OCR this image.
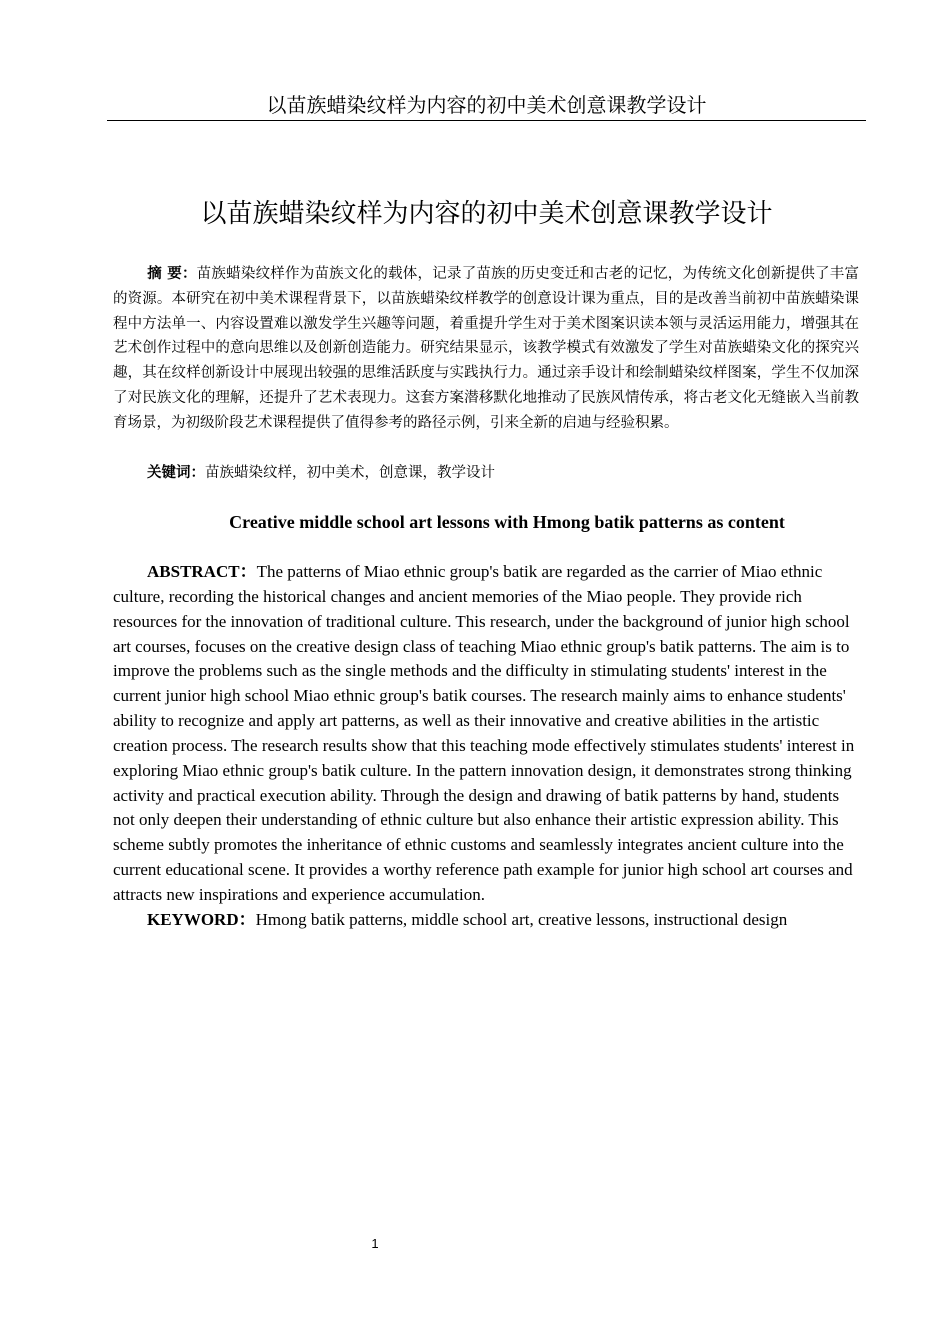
以苗族蜡染纹样为内容的初中美术创意课教学设计
以苗族蜡染纹样为内容的初中美术创意课教学设计

摘 要：苗族蜡染纹样作为苗族文化的载体，记录了苗族的历史变迁和古老的记忆，为传统文化创新提供了丰富的资源。本研究在初中美术课程背景下，以苗族蜡染纹样教学的创意设计课为重点，目的是改善当前初中苗族蜡染课程中方法单一、内容设置难以激发学生兴趣等问题，着重提升学生对于美术图案识读本领与灵活运用能力，增强其在艺术创作过程中的意向思维以及创新创造能力。研究结果显示，该教学模式有效激发了学生对苗族蜡染文化的探究兴趣，其在纹样创新设计中展现出较强的思维活跃度与实践执行力。通过亲手设计和绘制蜡染纹样图案，学生不仅加深了对民族文化的理解，还提升了艺术表现力。这套方案潜移默化地推动了民族风情传承，将古老文化无缝嵌入当前教育场景，为初级阶段艺术课程提供了值得参考的路径示例，引来全新的启迪与经验积累。

关键词：苗族蜡染纹样，初中美术，创意课，教学设计

Creative middle school art lessons with Hmong batik patterns as content

ABSTRACT：The patterns of Miao ethnic group's batik are regarded as the carrier of Miao ethnic culture, recording the historical changes and ancient memories of the Miao people. They provide rich resources for the innovation of traditional culture. This research, under the background of junior high school art courses, focuses on the creative design class of teaching Miao ethnic group's batik patterns. The aim is to improve the problems such as the single methods and the difficulty in stimulating students' interest in the current junior high school Miao ethnic group's batik courses. The research mainly aims to enhance students' ability to recognize and apply art patterns, as well as their innovative and creative abilities in the artistic creation process. The research results show that this teaching mode effectively stimulates students' interest in exploring Miao ethnic group's batik culture. In the pattern innovation design, it demonstrates strong thinking activity and practical execution ability. Through the design and drawing of batik patterns by hand, students not only deepen their understanding of ethnic culture but also enhance their artistic expression ability. This scheme subtly promotes the inheritance of ethnic customs and seamlessly integrates ancient culture into the current educational scene. It provides a worthy reference path example for junior high school art courses and attracts new inspirations and experience accumulation.

KEYWORD：Hmong batik patterns, middle school art, creative lessons, instructional design

1
